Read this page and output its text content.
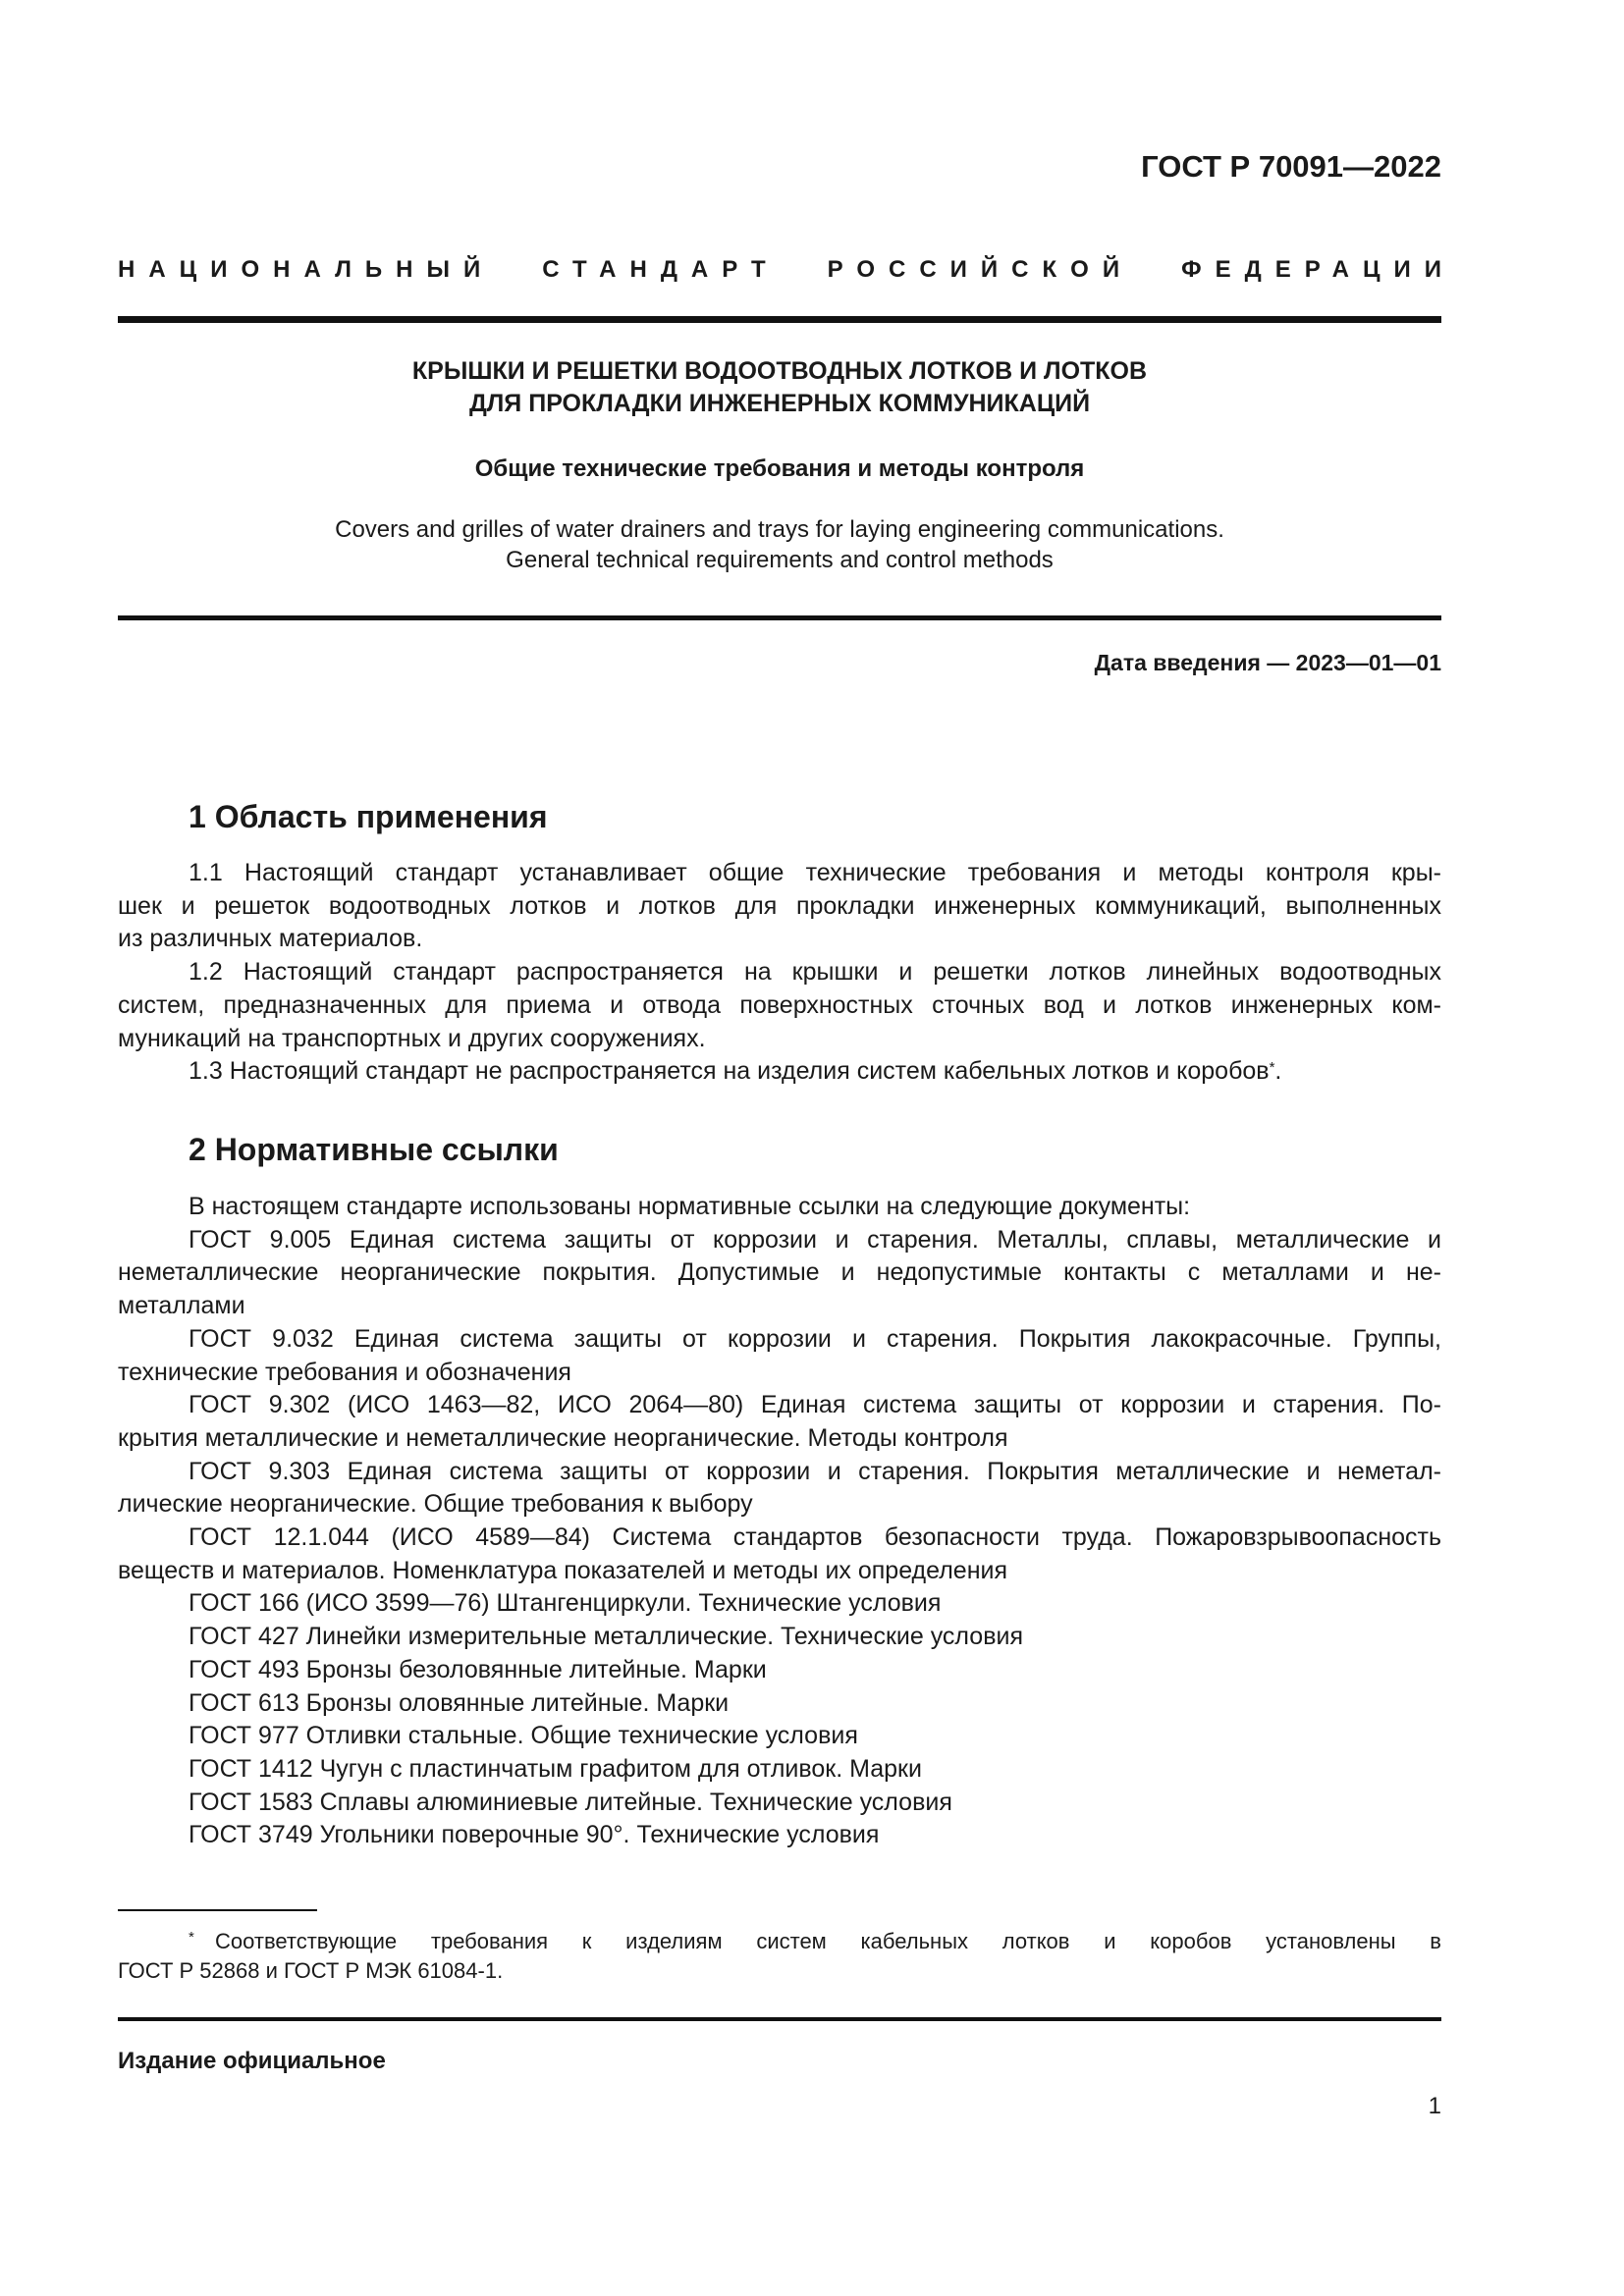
ГОСТ Р 70091—2022
НАЦИОНАЛЬНЫЙ СТАНДАРТ РОССИЙСКОЙ ФЕДЕРАЦИИ
КРЫШКИ И РЕШЕТКИ ВОДООТВОДНЫХ ЛОТКОВ И ЛОТКОВ
ДЛЯ ПРОКЛАДКИ ИНЖЕНЕРНЫХ КОММУНИКАЦИЙ
Общие технические требования и методы контроля
Covers and grilles of water drainers and trays for laying engineering communications.
General technical requirements and control methods
Дата введения — 2023—01—01
1 Область применения
1.1 Настоящий стандарт устанавливает общие технические требования и методы контроля кры-
шек и решеток водоотводных лотков и лотков для прокладки инженерных коммуникаций, выполненных
из различных материалов.
1.2 Настоящий стандарт распространяется на крышки и решетки лотков линейных водоотводных
систем, предназначенных для приема и отвода поверхностных сточных вод и лотков инженерных ком-
муникаций на транспортных и других сооружениях.
1.3 Настоящий стандарт не распространяется на изделия систем кабельных лотков и коробов*.
2 Нормативные ссылки
В настоящем стандарте использованы нормативные ссылки на следующие документы:
ГОСТ 9.005 Единая система защиты от коррозии и старения. Металлы, сплавы, металлические и
неметаллические неорганические покрытия. Допустимые и недопустимые контакты с металлами и не-
металлами
ГОСТ 9.032 Единая система защиты от коррозии и старения. Покрытия лакокрасочные. Группы,
технические требования и обозначения
ГОСТ 9.302 (ИСО 1463—82, ИСО 2064—80) Единая система защиты от коррозии и старения. По-
крытия металлические и неметаллические неорганические. Методы контроля
ГОСТ 9.303 Единая система защиты от коррозии и старения. Покрытия металлические и неметал-
лические неорганические. Общие требования к выбору
ГОСТ 12.1.044 (ИСО 4589—84) Система стандартов безопасности труда. Пожаровзрывоопасность
веществ и материалов. Номенклатура показателей и методы их определения
ГОСТ 166 (ИСО 3599—76) Штангенциркули. Технические условия
ГОСТ 427 Линейки измерительные металлические. Технические условия
ГОСТ 493 Бронзы безоловянные литейные. Марки
ГОСТ 613 Бронзы оловянные литейные. Марки
ГОСТ 977 Отливки стальные. Общие технические условия
ГОСТ 1412 Чугун с пластинчатым графитом для отливок. Марки
ГОСТ 1583 Сплавы алюминиевые литейные. Технические условия
ГОСТ 3749 Угольники поверочные 90°. Технические условия
* Соответствующие требования к изделиям систем кабельных лотков и коробов установлены в
ГОСТ Р 52868 и ГОСТ Р МЭК 61084-1.
Издание официальное
1
